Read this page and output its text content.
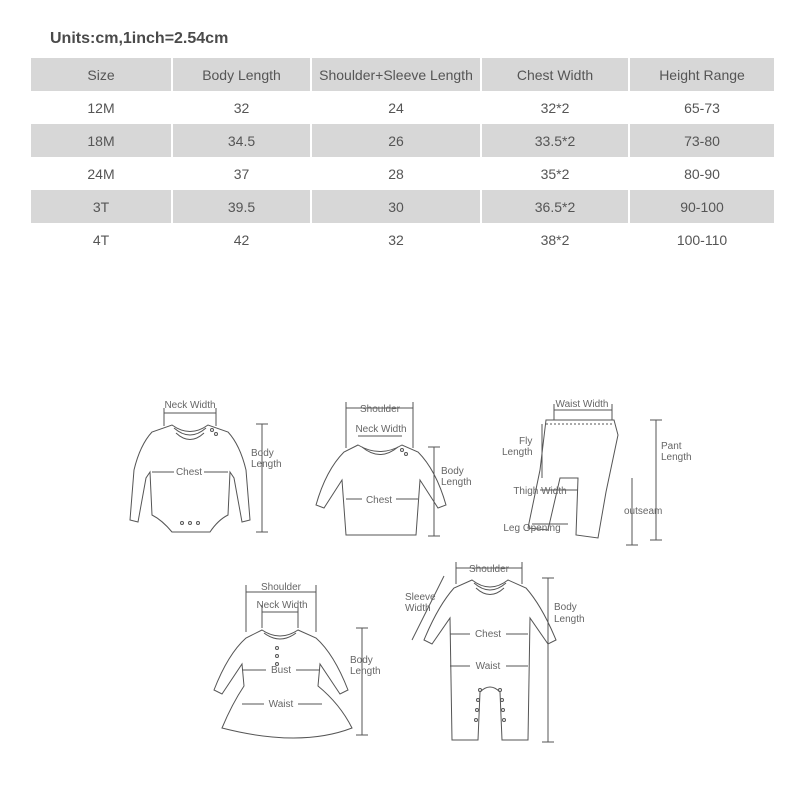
Units:cm,1inch=2.54cm
Size	Body Length	Shoulder+Sleeve Length	Chest Width	Height Range
12M	32	24	32*2	65-73
18M	34.5	26	33.5*2	73-80
24M	37	28	35*2	80-90
3T	39.5	30	36.5*2	90-100
4T	42	32	38*2	100-110
Neck Width
Chest
Body
Length
Shoulder
Neck Width
Chest
Body
Length
Waist Width
Fly
Length
Pant
Length
Thigh Width
outseam
Leg Opening
Shoulder
Neck Width
Bust
Waist
Body
Length
Shoulder
Sleeve
Width
Chest
Waist
Body
Length
